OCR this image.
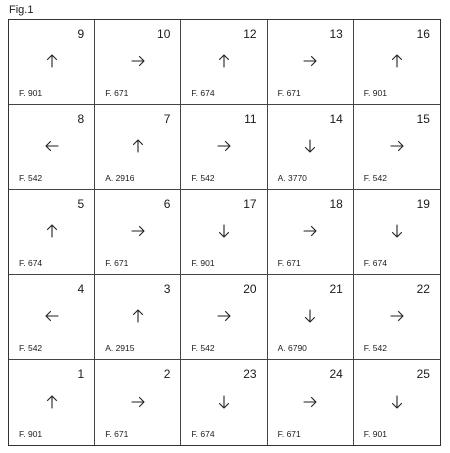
Fig.1
9
F. 901
10
F. 671
12
F. 674
13
F. 671
16
F. 901
8
F. 542
7
A. 2916
11
F. 542
14
A. 3770
15
F. 542
5
F. 674
6
F. 671
17
F. 901
18
F. 671
19
F. 674
4
F. 542
3
A. 2915
20
F. 542
21
A. 6790
22
F. 542
1
F. 901
2
F. 671
23
F. 674
24
F. 671
25
F. 901
